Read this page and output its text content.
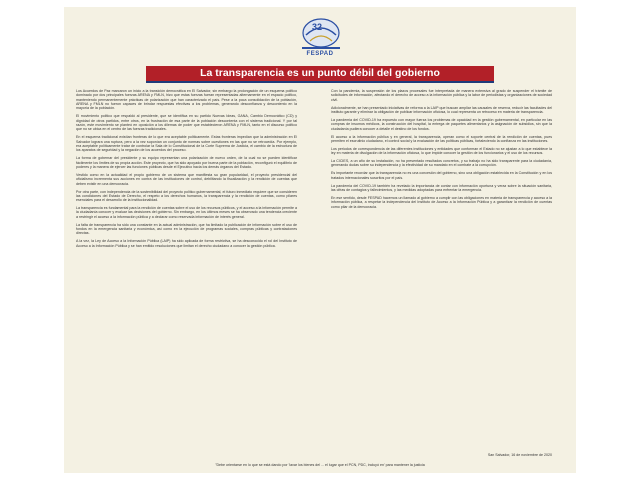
32
FESPAD
La transparencia es un punto débil del gobierno

Los Acuerdos de Paz marcaron un inicio a la transición democrática en El Salvador, sin embargo la prolongación de un esquema político dominado por dos principales fuerzas ARENA y FMLN, hizo que estas fuerzas fueran representadas alternamente en el espacio político, manteniendo permanentemente prácticas de polarización que han caracterizado el país. Pese a la poca consolidación de la población, ARENA y FMLN no fueron capaces de brindar respuestas efectivas a los problemas, generando desconfianza y descontento en la mayoría de la población.

El movimiento político que respaldó al presidente, que se identifica en su partido Nuevas Ideas, GANA, Cambio Democrático (CD) y dignidad de otros partidos, entre otros, en la frustración de esa parte de la población descontenta con el sistema tradicional. Y por tal razón, este movimiento se planteó en oposición a los dilemas de poder que establecieron ARENA y FMLN, tanto en el discurso político que no se ubica en el centro de las fuerzas tradicionales.

En el esquema tradicional existían fronteras de lo que era aceptable políticamente. Estas fronteras impedían que la administración en El Salvador lograra una ruptura, pero a la vez suponían un conjunto de normas sobre cuestiones en las que no se retrocedía. Por ejemplo, era aceptable políticamente tratar de controlar la Sala de lo Constitucional de la Corte Suprema de Justicia, el cambio de la estructura de los aparatos de seguridad y la negación de los acuerdos del proceso.

La forma de gobernar del presidente y su equipo representan una polarización de nuevo orden, de la cual no se pueden identificar fácilmente los límites de su propia acción. Este proyecto, que ha sido apoyado por buena parte de la población, reconfiguró el equilibrio de poderes y la manera de ejercer las funciones públicas desde el Ejecutivo hacia los demás órganos del Estado.

Vestido como en la actualidad el propio gobierno de un sistema que manifiesta su gran popularidad, el proyecto presidencial del oficialismo incrementa sus acciones en contra de las instituciones de control, debilitando la fiscalización y la rendición de cuentas que deben existir en una democracia.

Por otra parte, con independencia de la sostenibilidad del proyecto político gubernamental, el futuro inmediato requiere que se consideren las condiciones del Estado de Derecho, el respeto a los derechos humanos, la transparencia y la rendición de cuentas, como pilares esenciales para el desarrollo de la institucionalidad.

La transparencia es fundamental para la rendición de cuentas sobre el uso de los recursos públicos, y el acceso a la información permite a la ciudadanía conocer y evaluar las decisiones del gobierno. Sin embargo, en los últimos meses se ha observado una tendencia creciente a restringir el acceso a la información pública y a declarar como reservada información de interés general.

La falta de transparencia ha sido una constante en la actual administración, que ha limitado la publicación de información sobre el uso de fondos en la emergencia sanitaria y económica, así como en la ejecución de programas sociales, compras públicas y contrataciones directas.

A la vez, la Ley de Acceso a la Información Pública (LAIP) ha sido aplicada de forma restrictiva, se ha desconocido el rol del Instituto de Acceso a la Información Pública y se han emitido resoluciones que limitan el derecho ciudadano a conocer la gestión pública.

Con la pandemia, la suspensión de los plazos procesales fue interpretada de manera extensiva al grado de suspender el trámite de solicitudes de información, afectando el derecho de acceso a la información pública y la labor de periodistas y organizaciones de sociedad civil.

Adicionalmente, se han presentado iniciativas de reforma a la LAIP que buscan ampliar las causales de reserva, reducir las facultades del instituto garante y eliminar la obligación de publicar información oficiosa, lo cual representa un retroceso en materia de transparencia.

La pandemia del COVID-19 ha expuesto con mayor fuerza los problemas de opacidad en la gestión gubernamental, en particular en las compras de insumos médicos, la construcción del hospital, la entrega de paquetes alimentarios y la asignación de subsidios, sin que la ciudadanía pudiera conocer a detalle el destino de los fondos.

El acceso a la información pública y en general, la transparencia, operan como el soporte central de la rendición de cuentas, pues permiten el escrutinio ciudadano, el control social y la evaluación de las políticas públicas, fortaleciendo la confianza en las instituciones.

Los periodos de correspondencia de las diferentes instituciones y entidades que conforman el Estado no se ajustan a lo que establece la ley en materia de divulgación de la información oficiosa, lo que impide conocer la gestión de los funcionarios y el uso de los recursos.

La CICIES, a un año de su instalación, no ha presentado resultados concretos, y su trabajo no ha sido transparente para la ciudadanía, generando dudas sobre su independencia y la efectividad de su mandato en el combate a la corrupción.

Es importante recordar que la transparencia no es una concesión del gobierno, sino una obligación establecida en la Constitución y en los tratados internacionales suscritos por el país.

La pandemia del COVID-19 también ha revelado la importancia de contar con información oportuna y veraz sobre la situación sanitaria, las cifras de contagios y fallecimientos, y las medidas adoptadas para enfrentar la emergencia.

En ese sentido, desde FESPAD hacemos un llamado al gobierno a cumplir con las obligaciones en materia de transparencia y acceso a la información pública, a respetar la independencia del Instituto de Acceso a la Información Pública y a garantizar la rendición de cuentas como pilar de la democracia.

San Salvador, 16 de noviembre de 2020
"Debe orientarse en lo que se está dando por 'lavar los bienes del ... el lugar que el PCN, PDC, incluyó en' para mantener la justicia
